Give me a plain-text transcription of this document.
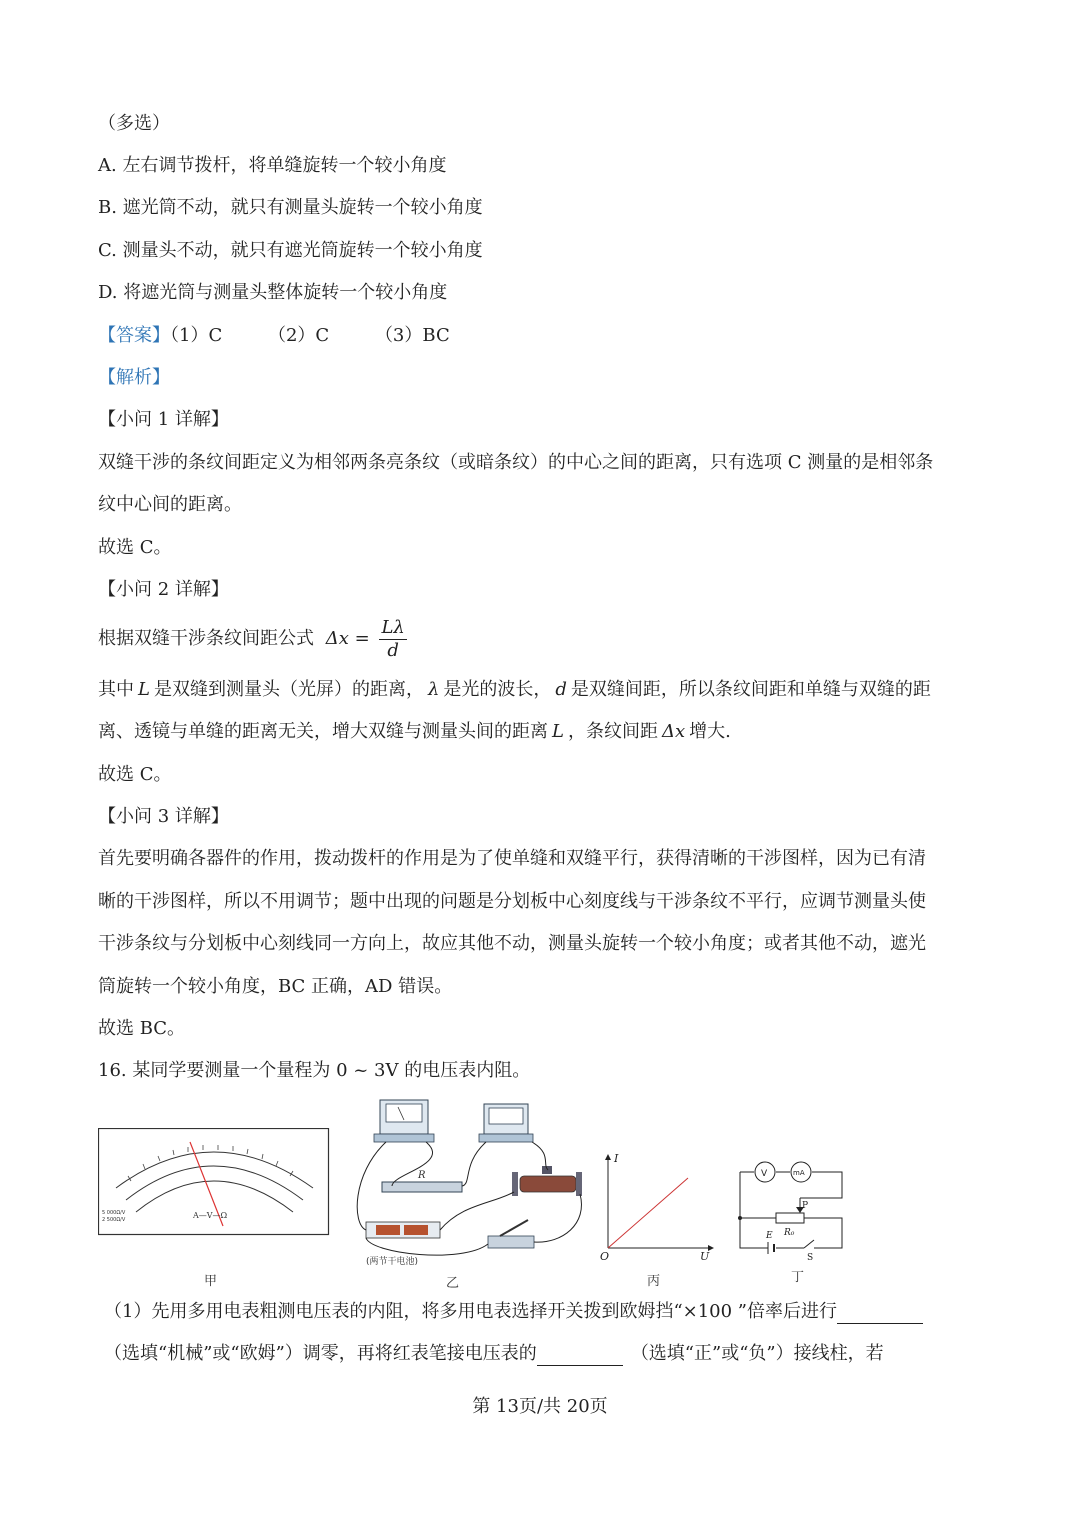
（多选）
A. 左右调节拨杆，将单缝旋转一个较小角度
B. 遮光筒不动，就只有测量头旋转一个较小角度
C. 测量头不动，就只有遮光筒旋转一个较小角度
D. 将遮光筒与测量头整体旋转一个较小角度
【答案】（1）C	（2）C	（3）BC
【解析】
【小问 1 详解】
双缝干涉的条纹间距定义为相邻两条亮条纹（或暗条纹）的中心之间的距离，只有选项 C 测量的是相邻条
纹中心间的距离。
故选 C。
【小问 2 详解】
根据双缝干涉条纹间距公式 $\Delta x = \frac{L\lambda}{d}$
其中 L 是双缝到测量头（光屏）的距离， λ 是光的波长， d 是双缝间距，所以条纹间距和单缝与双缝的距
离、透镜与单缝的距离无关，增大双缝与测量头间的距离 L ，条纹间距 Δx 增大.
故选 C。
【小问 3 详解】
首先要明确各器件的作用，拨动拨杆的作用是为了使单缝和双缝平行，获得清晰的干涉图样，因为已有清
晰的干涉图样，所以不用调节；题中出现的问题是分划板中心刻度线与干涉条纹不平行，应调节测量头使
干涉条纹与分划板中心刻线同一方向上，故应其他不动，测量头旋转一个较小角度；或者其他不动，遮光
筒旋转一个较小角度，BC 正确，AD 错误。
故选 BC。
16. 某同学要测量一个量程为 0 ~ 3V 的电压表内阻。
A—V—Ω
5 000Ω/V
2 500Ω/V
甲
R
(两节干电池)
乙
I
U
O
丙
V	mA
P
R₀
E
S
丁
（1）先用多用电表粗测电压表的内阻，将多用电表选择开关拨到欧姆挡“×100 ”倍率后进行
（选填“机械”或“欧姆”）调零，再将红表笔接电压表的	（选填“正”或“负”）接线柱，若
第 13页/共 20页
